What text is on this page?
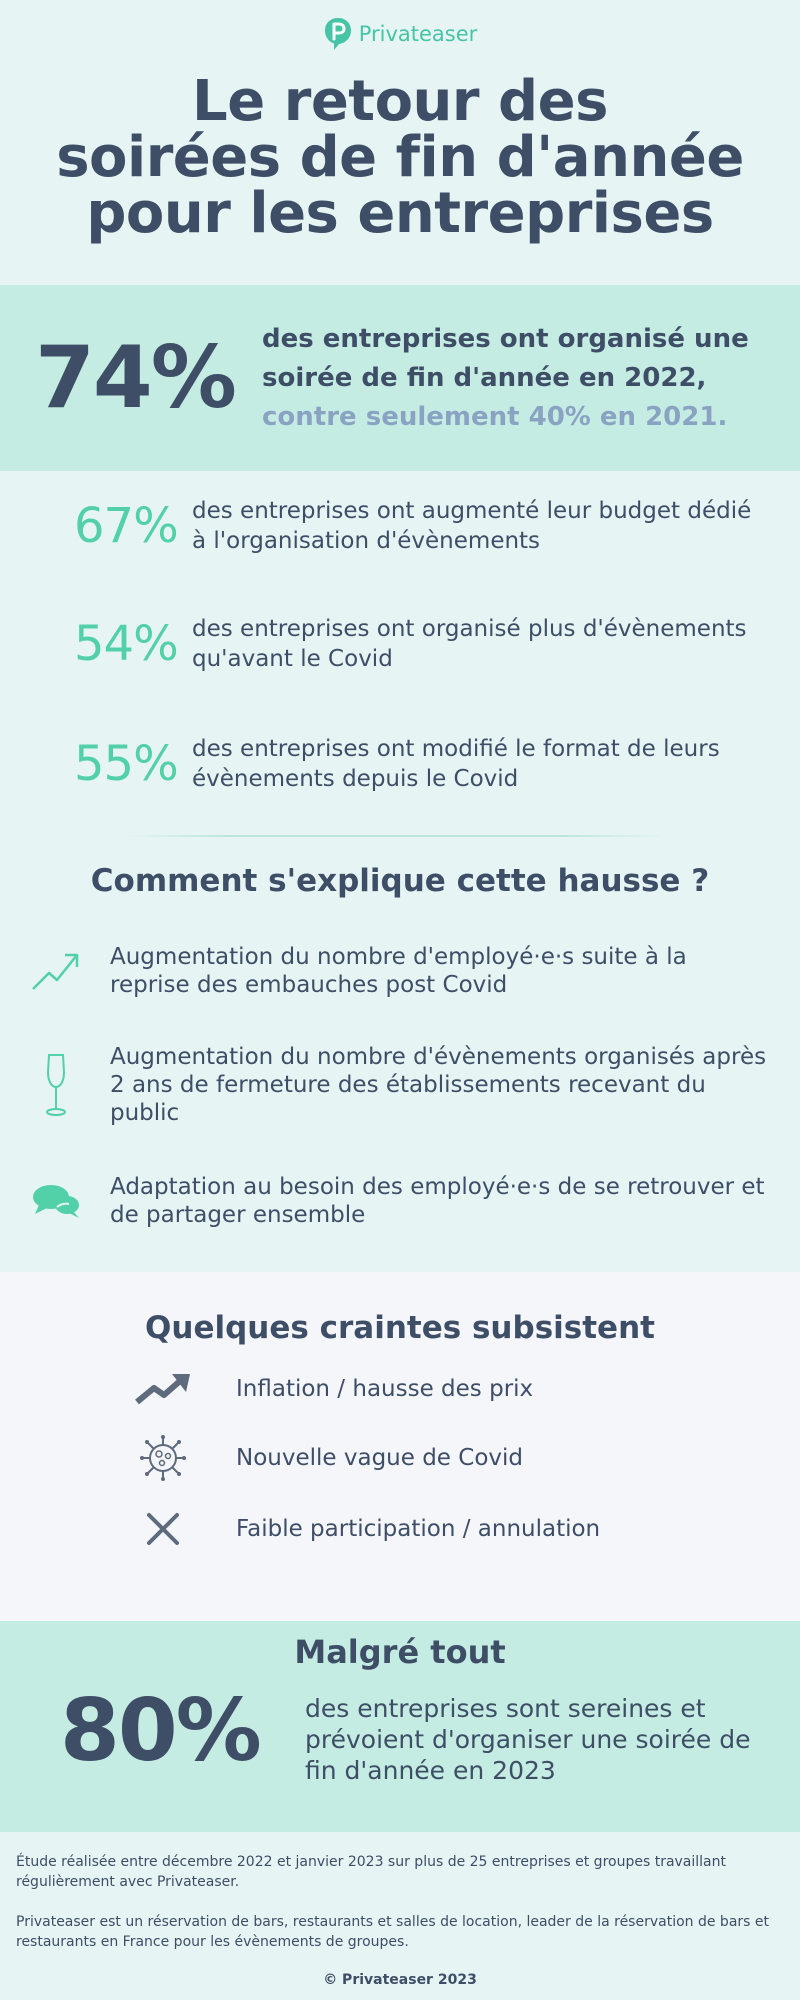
Privateaser
Le retour des
soirées de fin d'année
pour les entreprises
74%	des entreprises ont organisé une soirée de fin d'année en 2022,
contre seulement 40% en 2021.
67% des entreprises ont augmenté leur budget dédié à l'organisation d'évènements
54% des entreprises ont organisé plus d'évènements qu'avant le Covid
55% des entreprises ont modifié le format de leurs évènements depuis le Covid
Comment s'explique cette hausse ?
Augmentation du nombre d'employé·e·s suite à la reprise des embauches post Covid
Augmentation du nombre d'évènements organisés après 2 ans de fermeture des établissements recevant du public
Adaptation au besoin des employé·e·s de se retrouver et de partager ensemble
Quelques craintes subsistent
Inflation / hausse des prix
Nouvelle vague de Covid
Faible participation / annulation
Malgré tout
80% des entreprises sont sereines et prévoient d'organiser une soirée de fin d'année en 2023

Étude réalisée entre décembre 2022 et janvier 2023 sur plus de 25 entreprises et groupes travaillant régulièrement avec Privateaser.

Privateaser est un réservation de bars, restaurants et salles de location, leader de la réservation de bars et restaurants en France pour les évènements de groupes.

© Privateaser 2023
